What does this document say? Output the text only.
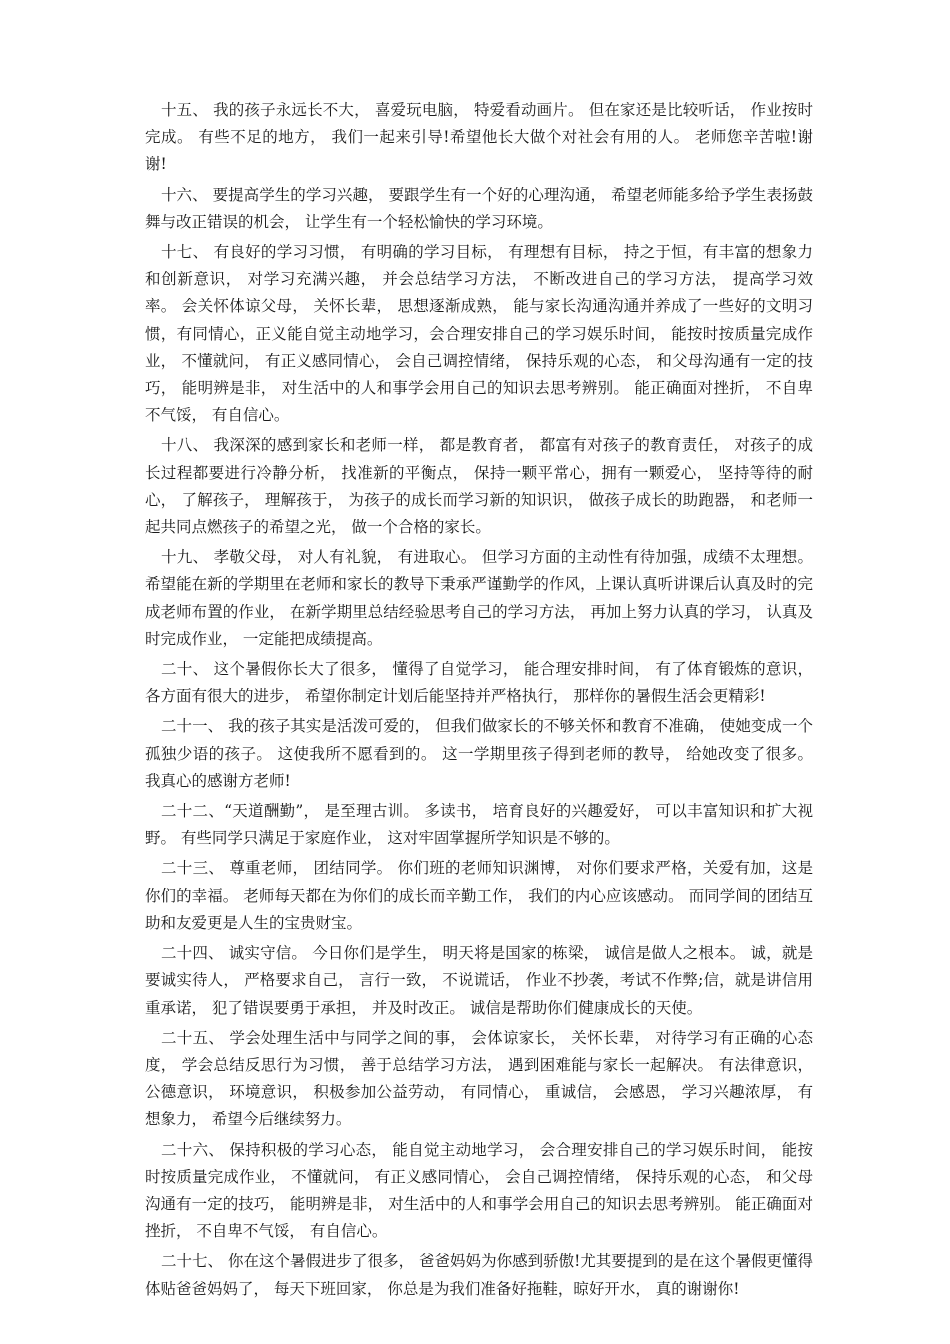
十五、 我的孩子永远长不大， 喜爱玩电脑， 特爱看动画片。 但在家还是比较听话， 作业按时完成。 有些不足的地方， 我们一起来引导!希望他长大做个对社会有用的人。 老师您辛苦啦!谢谢!

十六、 要提高学生的学习兴趣， 要跟学生有一个好的心理沟通， 希望老师能多给予学生表扬鼓舞与改正错误的机会， 让学生有一个轻松愉快的学习环境。

十七、 有良好的学习习惯， 有明确的学习目标， 有理想有目标， 持之于恒，有丰富的想象力和创新意识， 对学习充满兴趣， 并会总结学习方法， 不断改进自己的学习方法， 提高学习效率。 会关怀体谅父母， 关怀长辈， 思想逐渐成熟， 能与家长沟通沟通并养成了一些好的文明习惯，有同情心，正义能自觉主动地学习，会合理安排自己的学习娱乐时间， 能按时按质量完成作业， 不懂就问， 有正义感同情心， 会自己调控情绪， 保持乐观的心态， 和父母沟通有一定的技巧， 能明辨是非， 对生活中的人和事学会用自己的知识去思考辨别。 能正确面对挫折， 不自卑不气馁， 有自信心。

十八、 我深深的感到家长和老师一样， 都是教育者， 都富有对孩子的教育责任， 对孩子的成长过程都要进行冷静分析， 找准新的平衡点， 保持一颗平常心，拥有一颗爱心， 坚持等待的耐心， 了解孩子， 理解孩于， 为孩子的成长而学习新的知识识， 做孩子成长的助跑器， 和老师一起共同点燃孩子的希望之光， 做一个合格的家长。

十九、 孝敬父母， 对人有礼貌， 有进取心。 但学习方面的主动性有待加强，成绩不太理想。希望能在新的学期里在老师和家长的教导下秉承严谨勤学的作风，上课认真听讲课后认真及时的完成老师布置的作业， 在新学期里总结经验思考自己的学习方法， 再加上努力认真的学习， 认真及时完成作业， 一定能把成绩提高。

二十、 这个暑假你长大了很多， 懂得了自觉学习， 能合理安排时间， 有了体育锻炼的意识， 各方面有很大的进步， 希望你制定计划后能坚持并严格执行， 那样你的暑假生活会更精彩!

二十一、 我的孩子其实是活泼可爱的， 但我们做家长的不够关怀和教育不准确， 使她变成一个孤独少语的孩子。 这使我所不愿看到的。 这一学期里孩子得到老师的教导， 给她改变了很多。 我真心的感谢方老师!

二十二、“天道酬勤”， 是至理古训。 多读书， 培育良好的兴趣爱好， 可以丰富知识和扩大视野。 有些同学只满足于家庭作业， 这对牢固掌握所学知识是不够的。

二十三、 尊重老师， 团结同学。 你们班的老师知识渊博， 对你们要求严格，关爱有加，这是你们的幸福。 老师每天都在为你们的成长而辛勤工作， 我们的内心应该感动。 而同学间的团结互助和友爱更是人生的宝贵财宝。

二十四、 诚实守信。 今日你们是学生， 明天将是国家的栋梁， 诚信是做人之根本。 诚，就是要诚实待人， 严格要求自己， 言行一致， 不说谎话， 作业不抄袭，考试不作弊;信，就是讲信用重承诺， 犯了错误要勇于承担， 并及时改正。 诚信是帮助你们健康成长的天使。

二十五、 学会处理生活中与同学之间的事， 会体谅家长， 关怀长辈， 对待学习有正确的心态度， 学会总结反思行为习惯， 善于总结学习方法， 遇到困难能与家长一起解决。 有法律意识， 公德意识， 环境意识， 积极参加公益劳动， 有同情心， 重诚信， 会感恩， 学习兴趣浓厚， 有想象力， 希望今后继续努力。

二十六、 保持积极的学习心态， 能自觉主动地学习， 会合理安排自己的学习娱乐时间， 能按时按质量完成作业， 不懂就问， 有正义感同情心， 会自己调控情绪， 保持乐观的心态， 和父母沟通有一定的技巧， 能明辨是非， 对生活中的人和事学会用自己的知识去思考辨别。 能正确面对挫折， 不自卑不气馁， 有自信心。

二十七、 你在这个暑假进步了很多， 爸爸妈妈为你感到骄傲!尤其要提到的是在这个暑假更懂得体贴爸爸妈妈了， 每天下班回家， 你总是为我们准备好拖鞋，晾好开水， 真的谢谢你!
